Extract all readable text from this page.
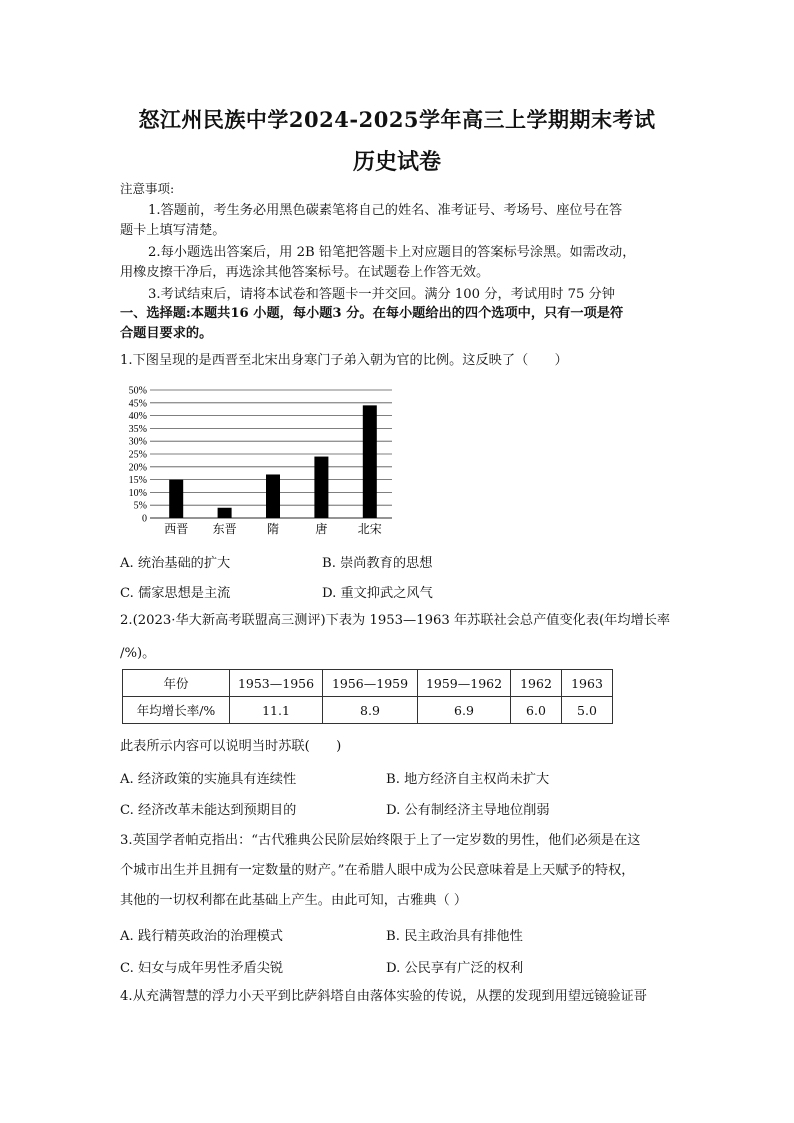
怒江州民族中学2024-2025学年高三上学期期末考试
历史试卷
注意事项:
1.答题前，考生务必用黑色碳素笔将自己的姓名、准考证号、考场号、座位号在答
题卡上填写清楚。
2.每小题选出答案后，用 2B 铅笔把答题卡上对应题目的答案标号涂黑。如需改动，
用橡皮擦干净后，再选涂其他答案标号。在试题卷上作答无效。
3.考试结束后，请将本试卷和答题卡一并交回。满分 100 分，考试用时 75 分钟
一、选择题:本题共16 小题，每小题3 分。在每小题给出的四个选项中，只有一项是符
合题目要求的。
1.下图呈现的是西晋至北宋出身寒门子弟入朝为官的比例。这反映了（　　）
0
5%
10%
15%
20%
25%
30%
35%
40%
45%
50%
西晋 东晋	隋	唐	北宋
A. 统治基础的扩大	B. 崇尚教育的思想
C. 儒家思想是主流	D. 重文抑武之风气
2.(2023·华大新高考联盟高三测评)下表为 1953—1963 年苏联社会总产值变化表(年均增长率
/%)。
年份	1953—1956	1956—1959	1959—1962	1962	1963
年均增长率/%	11.1	8.9	6.9	6.0	5.0
此表所示内容可以说明当时苏联(　　)
A. 经济政策的实施具有连续性	B. 地方经济自主权尚未扩大
C. 经济改革未能达到预期目的	D. 公有制经济主导地位削弱
3.英国学者帕克指出：“古代雅典公民阶层始终限于上了一定岁数的男性，他们必须是在这
个城市出生并且拥有一定数量的财产。”在希腊人眼中成为公民意味着是上天赋予的特权，
其他的一切权利都在此基础上产生。由此可知，古雅典（ ）
A. 践行精英政治的治理模式	B. 民主政治具有排他性
C. 妇女与成年男性矛盾尖锐	D. 公民享有广泛的权利
4.从充满智慧的浮力小天平到比萨斜塔自由落体实验的传说，从摆的发现到用望远镜验证哥
